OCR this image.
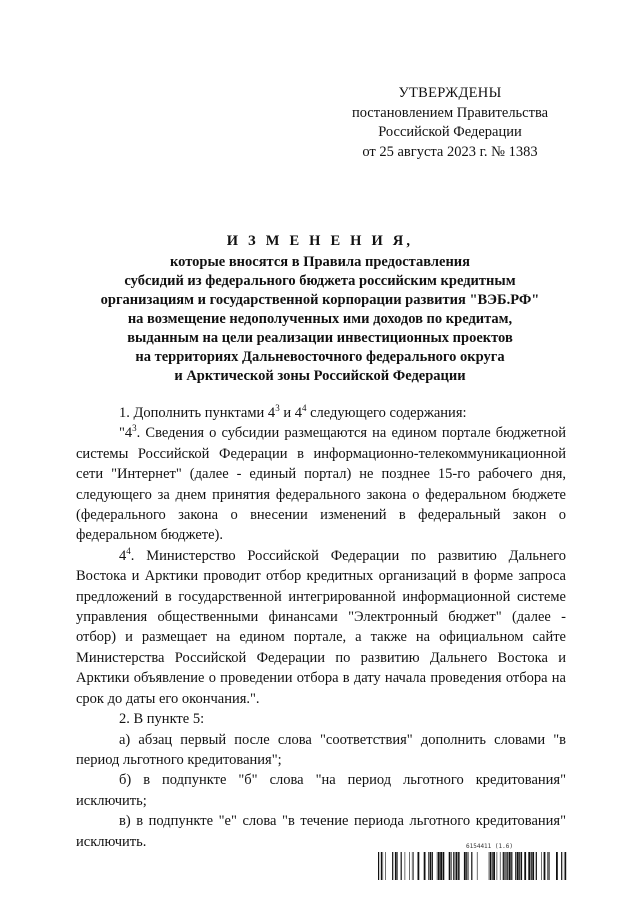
УТВЕРЖДЕНЫ
постановлением Правительства
Российской Федерации
от 25 августа 2023 г. № 1383
И З М Е Н Е Н И Я,
которые вносятся в Правила предоставления
субсидий из федерального бюджета российским кредитным
организациям и государственной корпорации развития "ВЭБ.РФ"
на возмещение недополученных ими доходов по кредитам,
выданным на цели реализации инвестиционных проектов
на территориях Дальневосточного федерального округа
и Арктической зоны Российской Федерации

1. Дополнить пунктами $4^3$ и $4^4$ следующего содержания:

"$4^3$. Сведения о субсидии размещаются на едином портале бюджетной системы Российской Федерации в информационно-телекоммуникационной сети "Интернет" (далее - единый портал) не позднее 15-го рабочего дня, следующего за днем принятия федерального закона о федеральном бюджете (федерального закона о внесении изменений в федеральный закон о федеральном бюджете).

$4^4$. Министерство Российской Федерации по развитию Дальнего Востока и Арктики проводит отбор кредитных организаций в форме запроса предложений в государственной интегрированной информационной системе управления общественными финансами "Электронный бюджет" (далее - отбор) и размещает на едином портале, а также на официальном сайте Министерства Российской Федерации по развитию Дальнего Востока и Арктики объявление о проведении отбора в дату начала проведения отбора на срок до даты его окончания.".

2. В пункте 5:

а) абзац первый после слова "соответствия" дополнить словами "в период льготного кредитования";

б) в подпункте "б" слова "на период льготного кредитования" исключить;

в) в подпункте "е" слова "в течение периода льготного кредитования" исключить.	6154411 (1.6)
